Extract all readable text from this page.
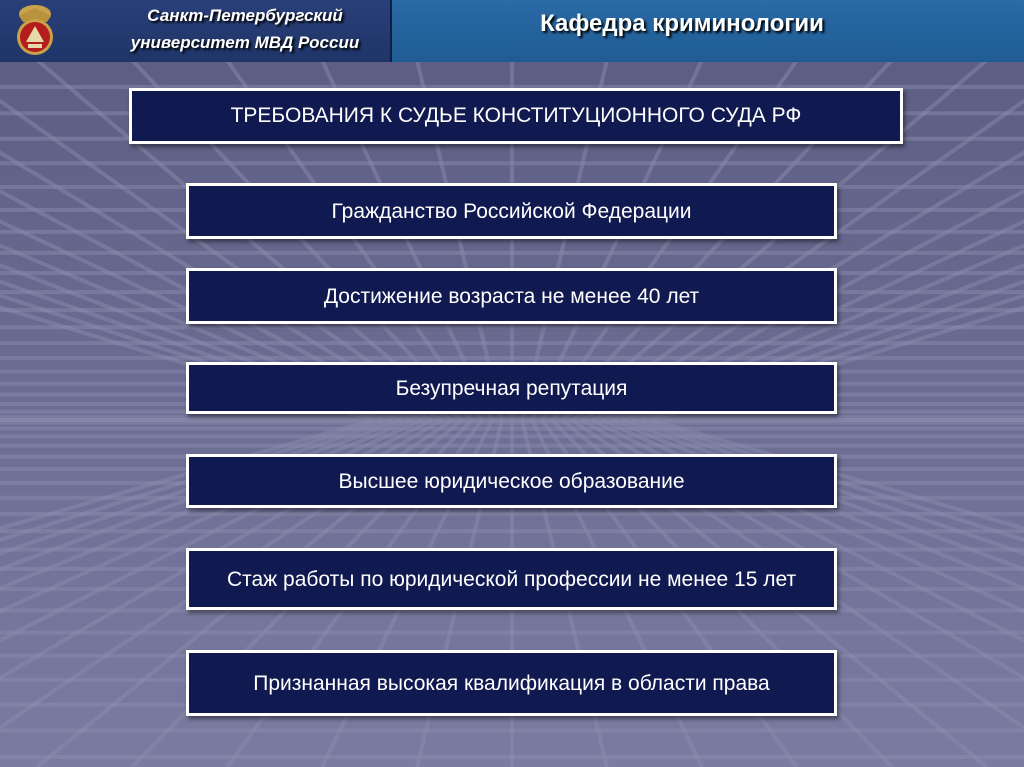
Санкт-Петербургский
университет МВД России
Кафедра криминологии
ТРЕБОВАНИЯ К СУДЬЕ КОНСТИТУЦИОННОГО СУДА РФ
Гражданство Российской Федерации
Достижение возраста не менее 40 лет
Безупречная репутация
Высшее юридическое образование
Стаж работы по юридической профессии не менее 15 лет
Признанная высокая квалификация в области права
